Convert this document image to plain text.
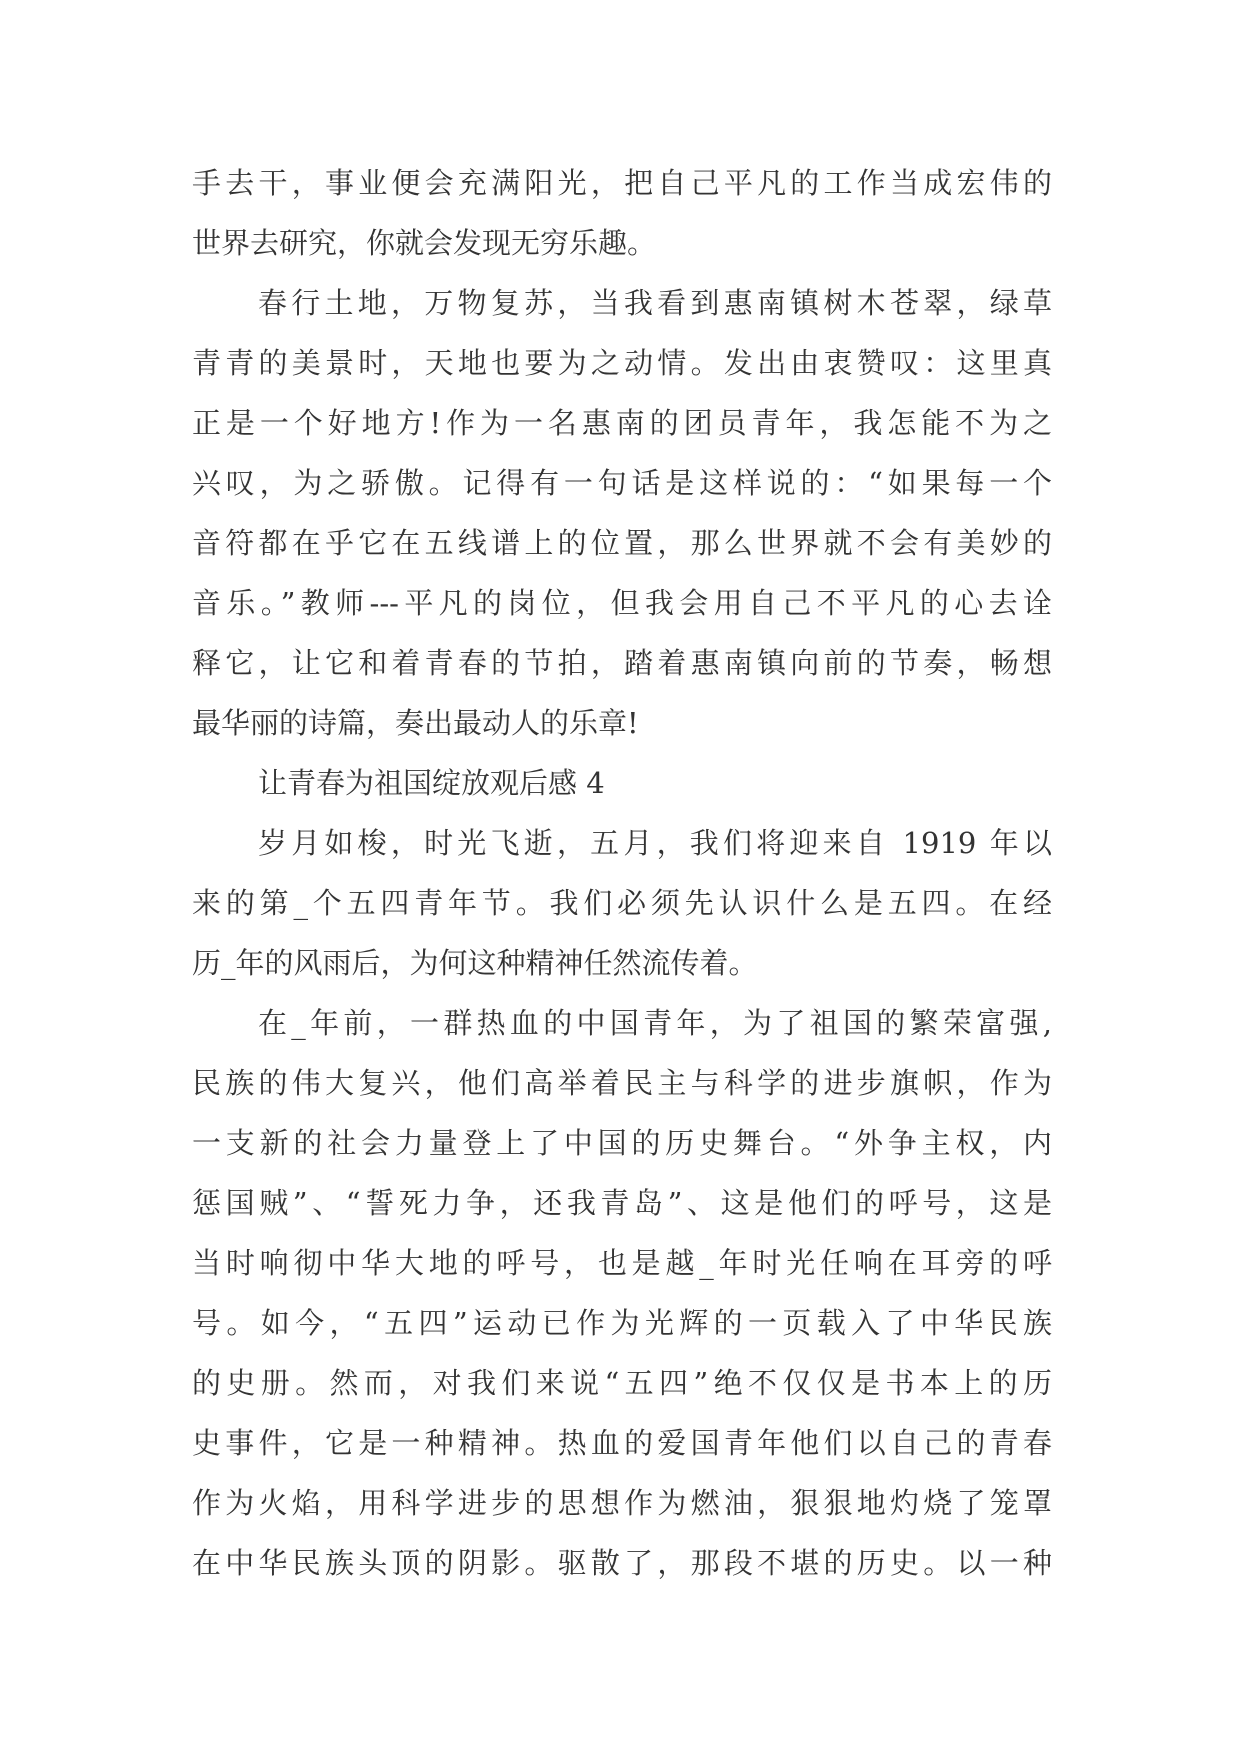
手去干，事业便会充满阳光，把自己平凡的工作当成宏伟的
世界去研究，你就会发现无穷乐趣。
春行土地，万物复苏，当我看到惠南镇树木苍翠，绿草
青青的美景时，天地也要为之动情。发出由衷赞叹：这里真
正是一个好地方!作为一名惠南的团员青年，我怎能不为之
兴叹，为之骄傲。记得有一句话是这样说的：“如果每一个
音符都在乎它在五线谱上的位置，那么世界就不会有美妙的
音乐。”教师---平凡的岗位，但我会用自己不平凡的心去诠
释它，让它和着青春的节拍，踏着惠南镇向前的节奏，畅想
最华丽的诗篇，奏出最动人的乐章!
让青春为祖国绽放观后感 4
岁月如梭，时光飞逝，五月，我们将迎来自 1919 年以
来的第_个五四青年节。我们必须先认识什么是五四。在经
历_年的风雨后，为何这种精神任然流传着。
在_年前，一群热血的中国青年，为了祖国的繁荣富强,
民族的伟大复兴，他们高举着民主与科学的进步旗帜，作为
一支新的社会力量登上了中国的历史舞台。“外争主权，内
惩国贼”、“誓死力争，还我青岛”、这是他们的呼号，这是
当时响彻中华大地的呼号，也是越_年时光任响在耳旁的呼
号。如今，“五四”运动已作为光辉的一页载入了中华民族
的史册。然而，对我们来说“五四”绝不仅仅是书本上的历
史事件，它是一种精神。热血的爱国青年他们以自己的青春
作为火焰，用科学进步的思想作为燃油，狠狠地灼烧了笼罩
在中华民族头顶的阴影。驱散了，那段不堪的历史。以一种
